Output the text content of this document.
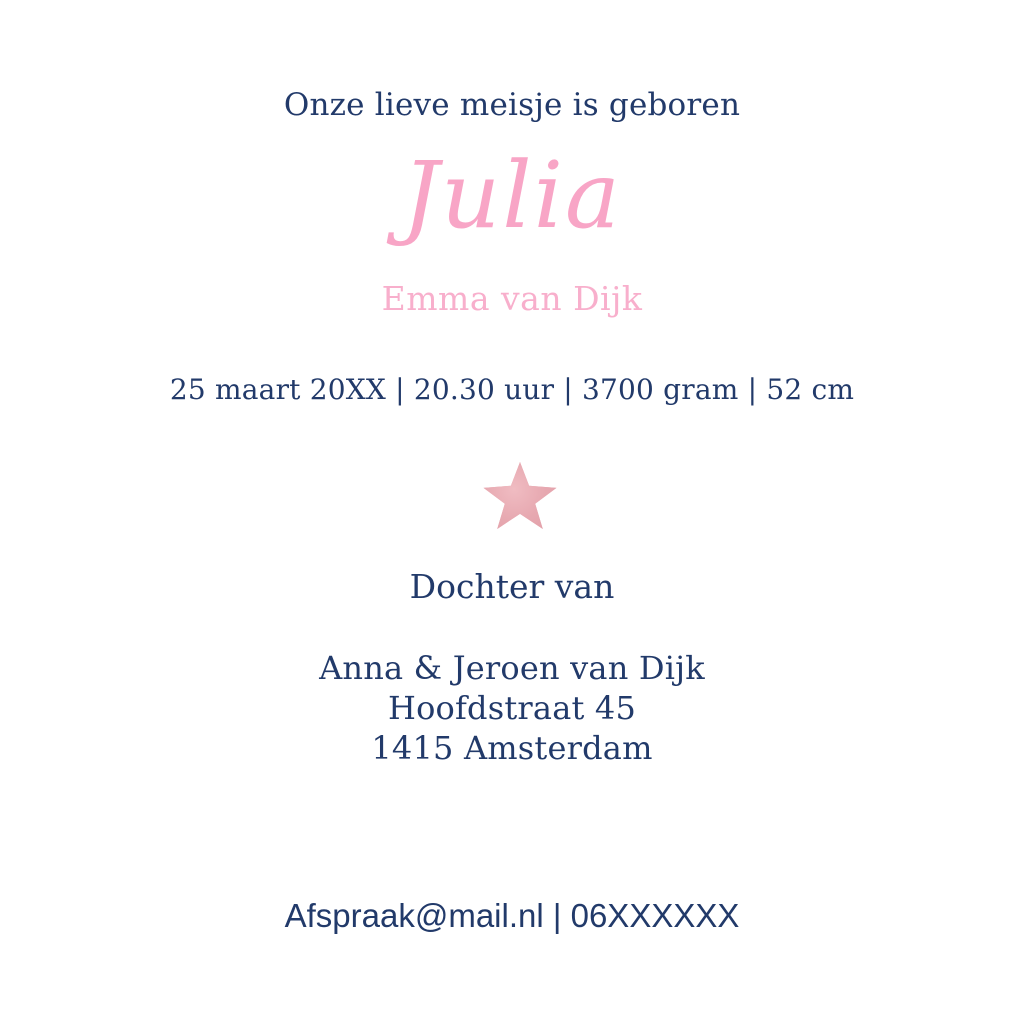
Onze lieve meisje is geboren
Julia
Emma van Dijk
25 maart 20XX | 20.30 uur | 3700 gram | 52 cm
Dochter van
Anna & Jeroen van Dijk
Hoofdstraat 45
1415 Amsterdam
Afspraak@mail.nl | 06XXXXXX
